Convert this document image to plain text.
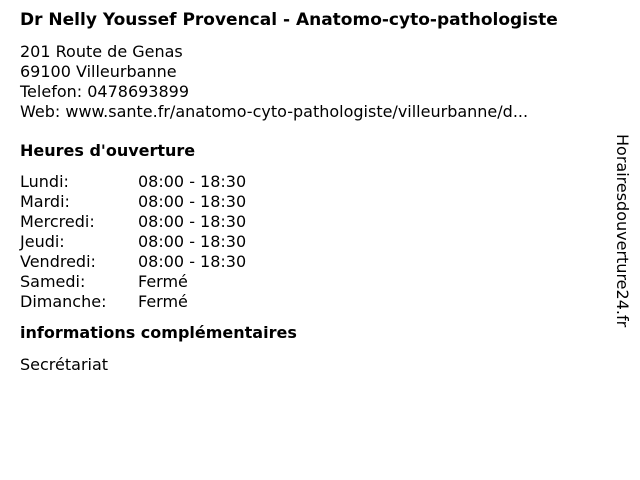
Dr Nelly Youssef Provencal - Anatomo-cyto-pathologiste
201 Route de Genas
69100 Villeurbanne
Telefon: 0478693899
Web: www.sante.fr/anatomo-cyto-pathologiste/villeurbanne/d...
Heures d'ouverture
Lundi:	08:00 - 18:30
Mardi:	08:00 - 18:30
Mercredi:	08:00 - 18:30
Jeudi:	08:00 - 18:30
Vendredi:	08:00 - 18:30
Samedi:	Fermé
Dimanche:	Fermé
informations complémentaires
Secrétariat
Horairesdouverture24.fr
